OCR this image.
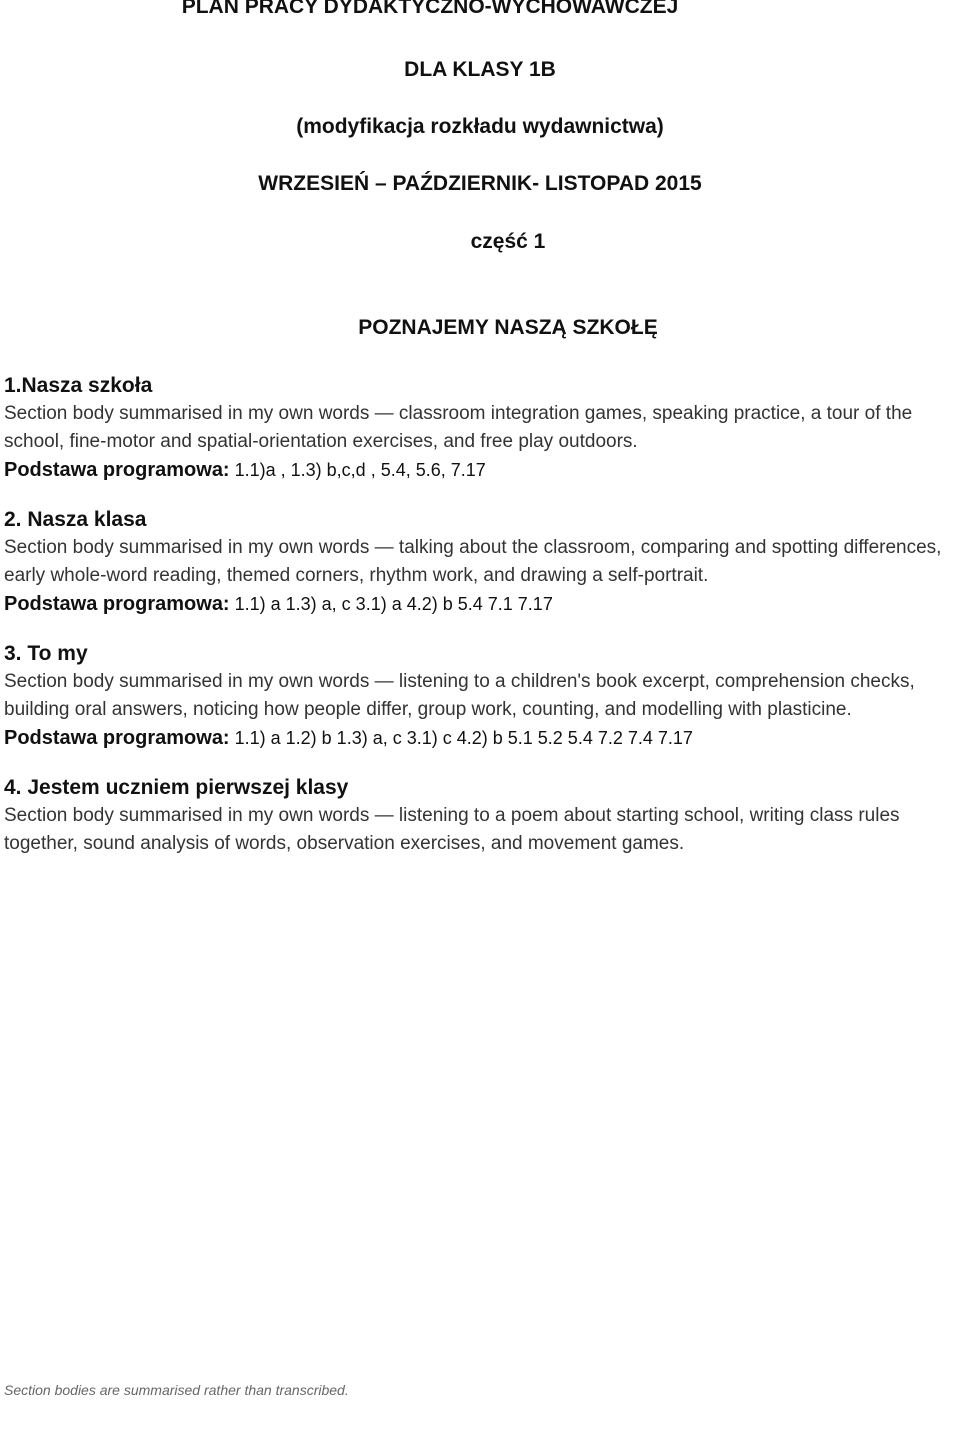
PLAN PRACY DYDAKTYCZNO-WYCHOWAWCZEJ
DLA KLASY 1B
(modyfikacja rozkładu wydawnictwa)
WRZESIEŃ – PAŹDZIERNIK- LISTOPAD 2015
część 1
POZNAJEMY NASZĄ SZKOŁĘ
1.Nasza szkoła
Section body summarised in my own words — classroom integration games, speaking practice, a tour of the school, fine-motor and spatial-orientation exercises, and free play outdoors.
Podstawa programowa: 1.1)a , 1.3) b,c,d , 5.4, 5.6, 7.17
2. Nasza klasa
Section body summarised in my own words — talking about the classroom, comparing and spotting differences, early whole-word reading, themed corners, rhythm work, and drawing a self-portrait.
Podstawa programowa: 1.1) a 1.3) a, c 3.1) a 4.2) b 5.4 7.1 7.17
3. To my
Section body summarised in my own words — listening to a children's book excerpt, comprehension checks, building oral answers, noticing how people differ, group work, counting, and modelling with plasticine.
Podstawa programowa: 1.1) a 1.2) b 1.3) a, c 3.1) c 4.2) b 5.1 5.2 5.4 7.2 7.4 7.17
4. Jestem uczniem pierwszej klasy
Section body summarised in my own words — listening to a poem about starting school, writing class rules together, sound analysis of words, observation exercises, and movement games.
Section bodies are summarised rather than transcribed.
